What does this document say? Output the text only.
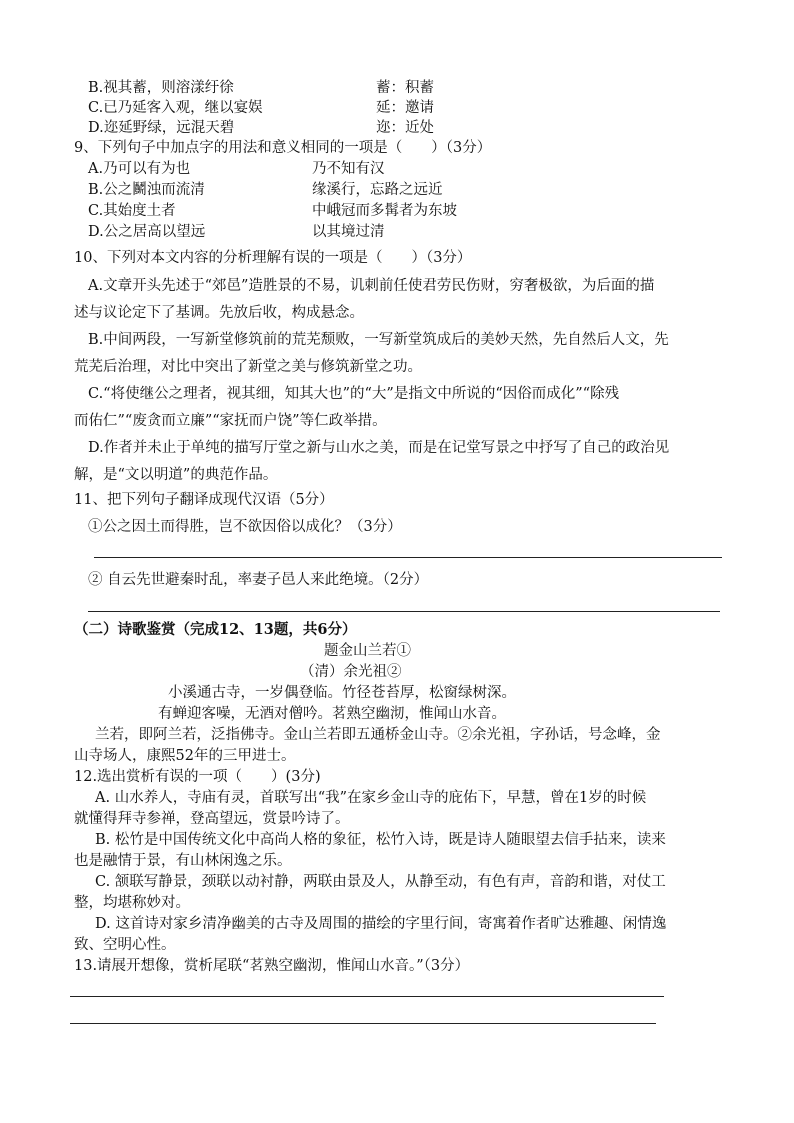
B.视其蓄，则溶漾纡徐	蓄：积蓄
C.已乃延客入观，继以宴娱	延：邀请
D.迩延野绿，远混天碧	迩：近处
9、下列句子中加点字的用法和意义相同的一项是（　　）（3分）
A.乃可以有为也	乃不知有汉
B.公之鬭浊而流清	缘溪行，忘路之远近
C.其始度土者	中峨冠而多髯者为东坡
D.公之居高以望远	以其境过清
10、下列对本文内容的分析理解有误的一项是（　　）（3分）
A.文章开头先述于“郊邑”造胜景的不易，讥刺前任使君劳民伤财，穷奢极欲，为后面的描
述与议论定下了基调。先放后收，构成悬念。
B.中间两段，一写新堂修筑前的荒芜颓败，一写新堂筑成后的美妙天然，先自然后人文，先
荒芜后治理，对比中突出了新堂之美与修筑新堂之功。
C.“将使继公之理者，视其细，知其大也”的“大”是指文中所说的“因俗而成化”“除残
而佑仁”“废贪而立廉”“家抚而户饶”等仁政举措。
D.作者并未止于单纯的描写厅堂之新与山水之美，而是在记堂写景之中抒写了自己的政治见
解，是“文以明道”的典范作品。
11、把下列句子翻译成现代汉语（5分）
①公之因土而得胜，岂不欲因俗以成化？（3分）
② 自云先世避秦时乱，率妻子邑人来此绝境。（2分）
（二）诗歌鉴赏（完成12、13题，共6分）
题金山兰若①
（清）余光祖②
小溪通古寺，一岁偶登临。竹径苍苔厚，松窗绿树深。
有蝉迎客噪，无酒对僧吟。茗熟空幽沏，惟闻山水音。
兰若，即阿兰若，泛指佛寺。金山兰若即五通桥金山寺。②余光祖，字孙话，号念峰，金
山寺场人，康熙52年的三甲进士。
12.选出赏析有误的一项（　　）(3分)
A. 山水养人，寺庙有灵，首联写出“我”在家乡金山寺的庇佑下，早慧，曾在1岁的时候
就懂得拜寺参禅，登高望远，赏景吟诗了。
B. 松竹是中国传统文化中高尚人格的象征，松竹入诗，既是诗人随眼望去信手拈来，读来
也是融情于景，有山林闲逸之乐。
C. 颔联写静景，颈联以动衬静，两联由景及人，从静至动，有色有声，音韵和谐，对仗工
整，均堪称妙对。
D. 这首诗对家乡清净幽美的古寺及周围的描绘的字里行间，寄寓着作者旷达雅趣、闲情逸
致、空明心性。
13.请展开想像，赏析尾联“茗熟空幽沏，惟闻山水音。”（3分）
